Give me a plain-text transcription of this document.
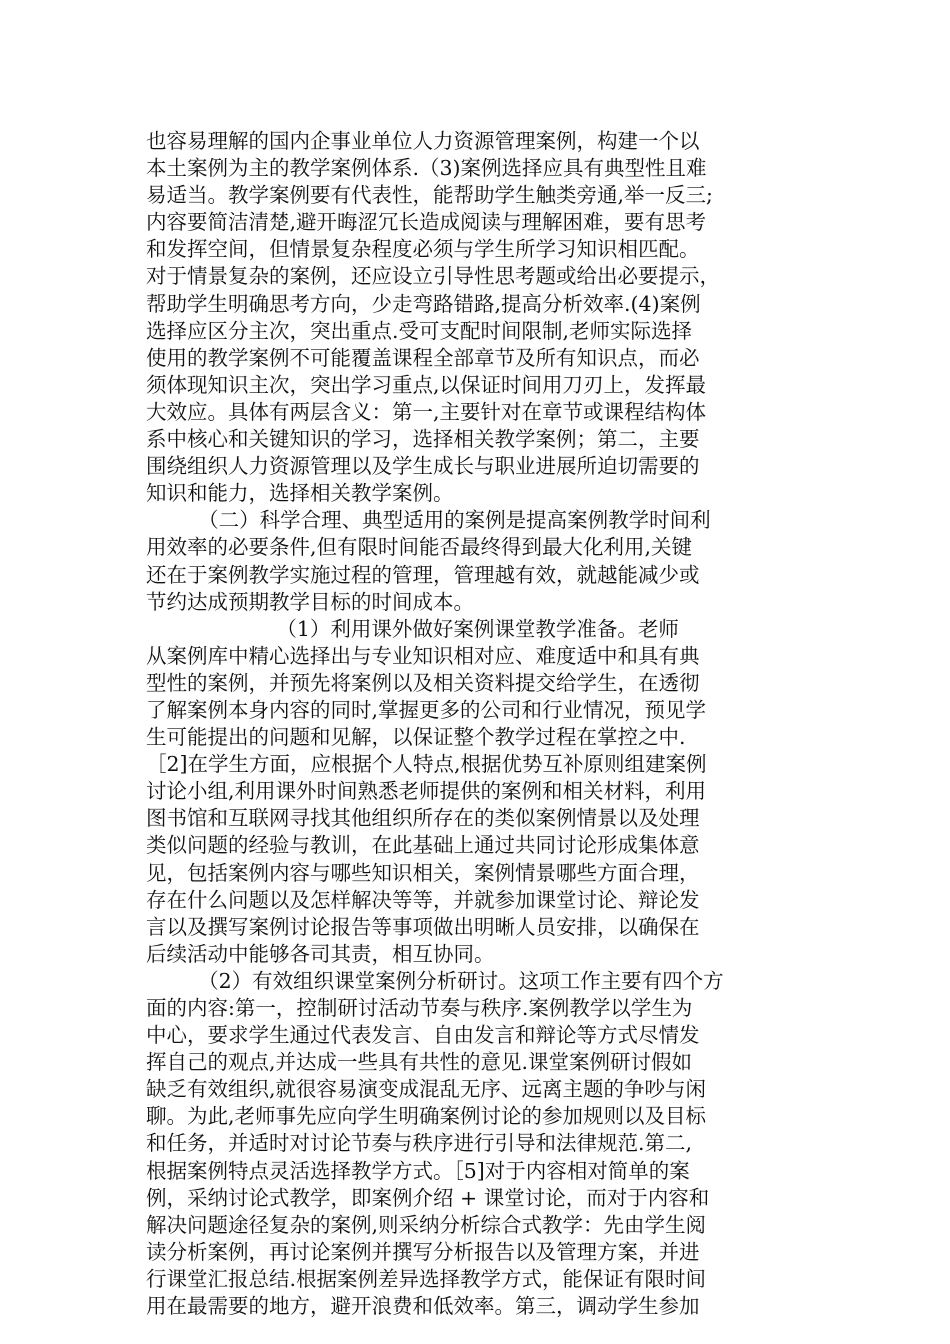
也容易理解的国内企事业单位人力资源管理案例，构建一个以
本土案例为主的教学案例体系.（3)案例选择应具有典型性且难
易适当。教学案例要有代表性，能帮助学生触类旁通,举一反三;
内容要简洁清楚,避开晦涩冗长造成阅读与理解困难，要有思考
和发挥空间，但情景复杂程度必须与学生所学习知识相匹配。
对于情景复杂的案例，还应设立引导性思考题或给出必要提示，
帮助学生明确思考方向，少走弯路错路,提高分析效率.(4)案例
选择应区分主次，突出重点.受可支配时间限制,老师实际选择
使用的教学案例不可能覆盖课程全部章节及所有知识点，而必
须体现知识主次，突出学习重点,以保证时间用刀刃上，发挥最
大效应。具体有两层含义：第一,主要针对在章节或课程结构体
系中核心和关键知识的学习，选择相关教学案例；第二，主要
围绕组织人力资源管理以及学生成长与职业进展所迫切需要的
知识和能力，选择相关教学案例。
（二）科学合理、典型适用的案例是提高案例教学时间利
用效率的必要条件,但有限时间能否最终得到最大化利用,关键
还在于案例教学实施过程的管理，管理越有效，就越能减少或
节约达成预期教学目标的时间成本。
（1）利用课外做好案例课堂教学准备。老师
从案例库中精心选择出与专业知识相对应、难度适中和具有典
型性的案例，并预先将案例以及相关资料提交给学生，在透彻
了解案例本身内容的同时,掌握更多的公司和行业情况，预见学
生可能提出的问题和见解，以保证整个教学过程在掌控之中.
［2]在学生方面，应根据个人特点,根据优势互补原则组建案例
讨论小组,利用课外时间熟悉老师提供的案例和相关材料，利用
图书馆和互联网寻找其他组织所存在的类似案例情景以及处理
类似问题的经验与教训，在此基础上通过共同讨论形成集体意
见，包括案例内容与哪些知识相关，案例情景哪些方面合理，
存在什么问题以及怎样解决等等，并就参加课堂讨论、辩论发
言以及撰写案例讨论报告等事项做出明晰人员安排，以确保在
后续活动中能够各司其责，相互协同。
（2）有效组织课堂案例分析研讨。这项工作主要有四个方
面的内容:第一，控制研讨活动节奏与秩序.案例教学以学生为
中心，要求学生通过代表发言、自由发言和辩论等方式尽情发
挥自己的观点,并达成一些具有共性的意见.课堂案例研讨假如
缺乏有效组织,就很容易演变成混乱无序、远离主题的争吵与闲
聊。为此,老师事先应向学生明确案例讨论的参加规则以及目标
和任务，并适时对讨论节奏与秩序进行引导和法律规范.第二,
根据案例特点灵活选择教学方式。［5]对于内容相对简单的案
例，采纳讨论式教学，即案例介绍 + 课堂讨论，而对于内容和
解决问题途径复杂的案例,则采纳分析综合式教学：先由学生阅
读分析案例，再讨论案例并撰写分析报告以及管理方案，并进
行课堂汇报总结.根据案例差异选择教学方式，能保证有限时间
用在最需要的地方，避开浪费和低效率。第三，调动学生参加
